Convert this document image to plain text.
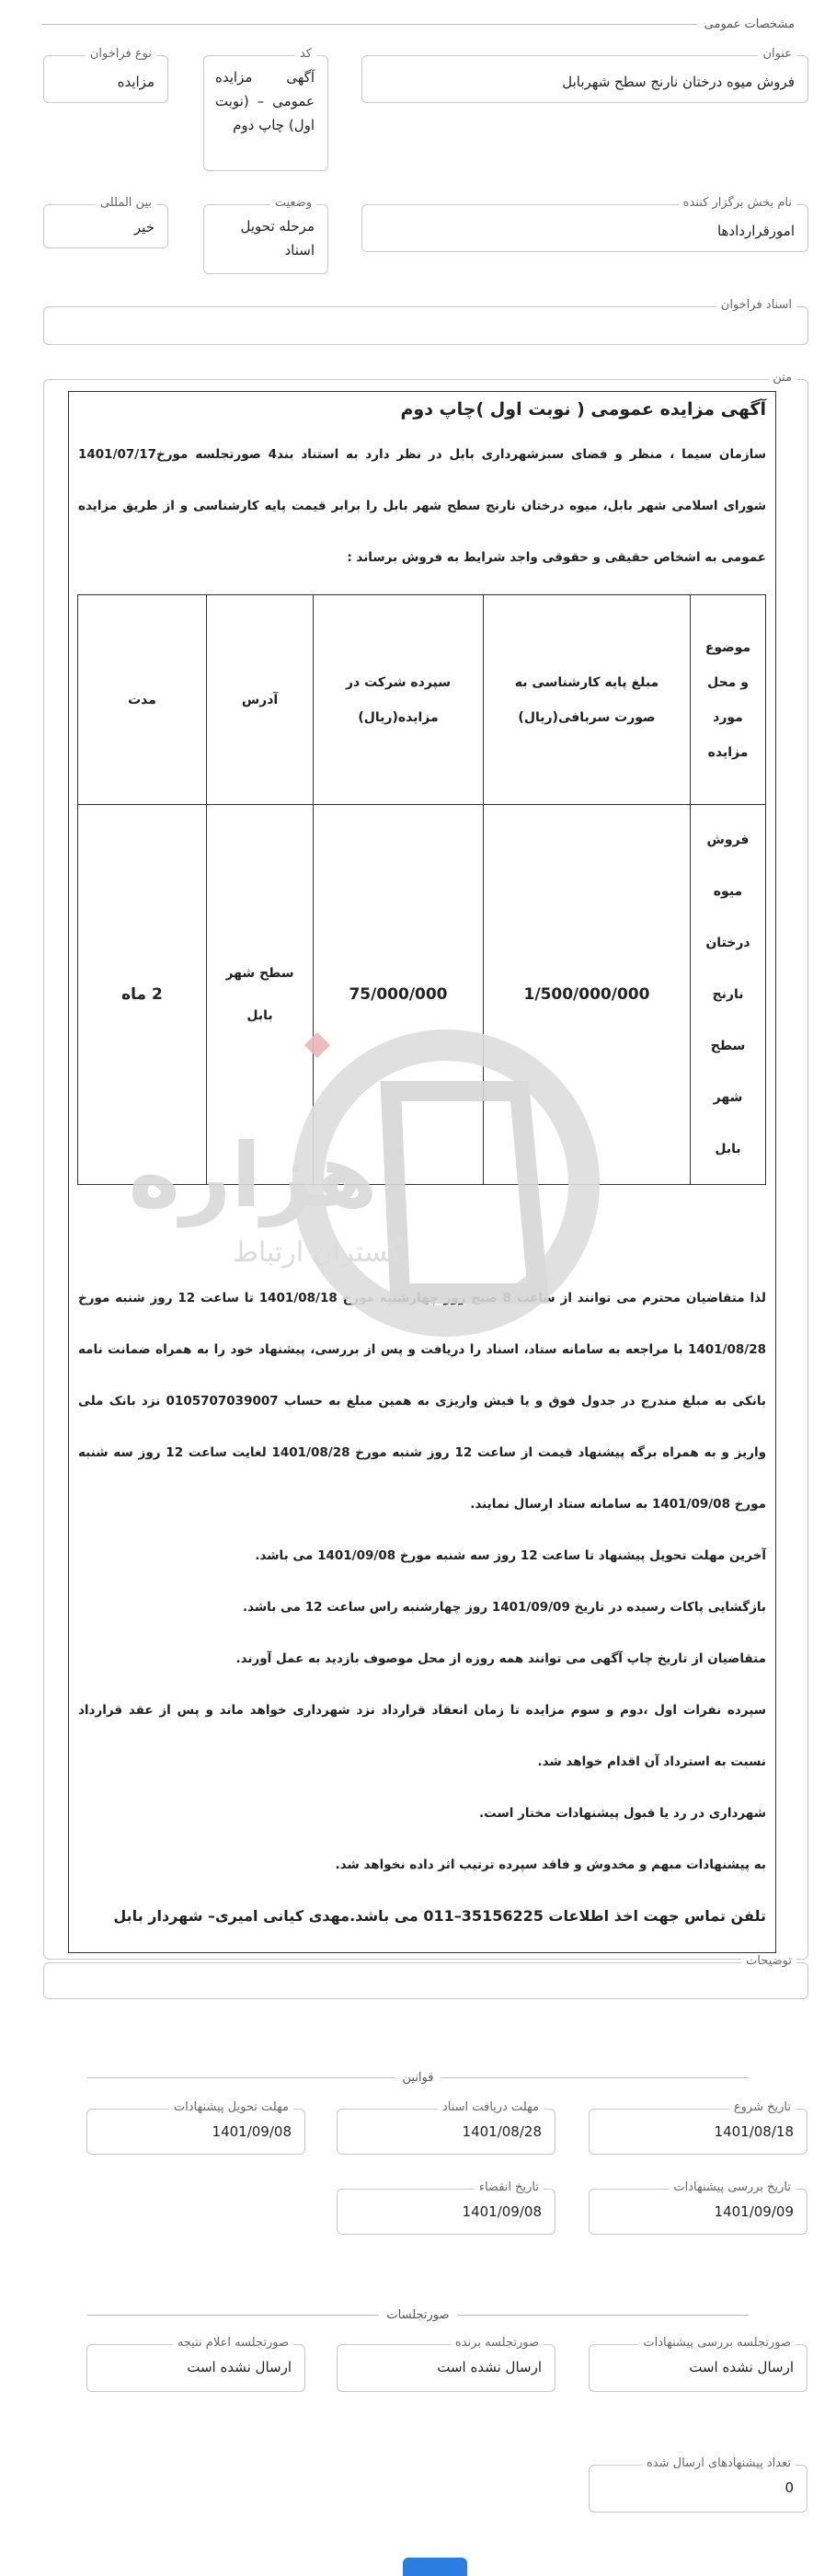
مشخصات عمومی
عنوان
فروش میوه درختان نارنج سطح شهربابل
کد
آگهی مزایده عمومی – (نوبت اول) چاپ دوم
نوع فراخوان
مزایده
نام بخش برگزار کننده
امورقراردادها
وضعیت
مرحله تحویل اسناد
بین المللی
خیر
اسناد فراخوان
متن
هزاره
گستران ارتباط
آگهی مزایده عمومی ( نوبت اول )چاپ دوم
سازمان سیما ، منظر و فضای سبزشهرداری بابل در نظر دارد به استناد بند4 صورتجلسه مورخ1401/07/17 شورای اسلامی شهر بابل، میوه درختان نارنج سطح شهر بابل را برابر قیمت پایه کارشناسی و از طریق مزایده عمومی به اشخاص حقیقی و حقوقی واجد شرایط به فروش برساند :
موضوع و محل مورد مزایده	مبلغ پایه کارشناسی به صورت سربافی(ریال)	سپرده شرکت در مزایده(ریال)	آدرس	مدت
فروش میوه درختان نارنج سطح شهر بابل	1/500/000/000	75/000/000	سطح شهر بابل	2 ماه

لذا متقاضیان محترم می توانند از ساعت 8 صبح روز چهارشنبه مورخ 1401/08/18 تا ساعت 12 روز شنبه مورخ 1401/08/28 با مراجعه به سامانه ستاد، اسناد را دریافت و پس از بررسی، پیشنهاد خود را به همراه ضمانت نامه بانکی به مبلغ مندرج در جدول فوق و یا فیش واریزی به همین مبلغ به حساب 0105707039007 نزد بانک ملی واریز و به همراه برگه پیشنهاد قیمت از ساعت 12 روز شنبه مورخ 1401/08/28 لغایت ساعت 12 روز سه شنبه مورخ 1401/09/08 به سامانه ستاد ارسال نمایند.

آخرین مهلت تحویل پیشنهاد تا ساعت 12 روز سه شنبه مورخ 1401/09/08 می باشد.

بازگشایی پاکات رسیده در تاریخ 1401/09/09 روز چهارشنبه راس ساعت 12 می باشد.

متقاضیان از تاریخ چاپ آگهی می توانند همه روزه از محل موصوف بازدید به عمل آورند.

سپرده نفرات اول ،دوم و سوم مزایده تا زمان انعقاد قرارداد نزد شهرداری خواهد ماند و پس از عقد قرارداد نسبت به استرداد آن اقدام خواهد شد.

شهرداری در رد یا قبول پیشنهادات مختار است.

به پیشنهادات مبهم و مخدوش و فاقد سپرده ترتیب اثر داده نخواهد شد.

تلفن تماس جهت اخذ اطلاعات 35156225–011 می باشد.مهدی کیانی امیری– شهردار بابل

توضیحات
قوانین
تاریخ شروع
1401/08/18
مهلت دریافت اسناد
1401/08/28
مهلت تحویل پیشنهادات
1401/09/08
تاریخ بررسی پیشنهادات
1401/09/09
تاریخ انقضاء
1401/09/08
صورتجلسات
صورتجلسه بررسی پیشنهادات
ارسال نشده است
صورتجلسه برنده
ارسال نشده است
صورتجلسه اعلام نتیجه
ارسال نشده است
تعداد پیشنهادهای ارسال شده
0
